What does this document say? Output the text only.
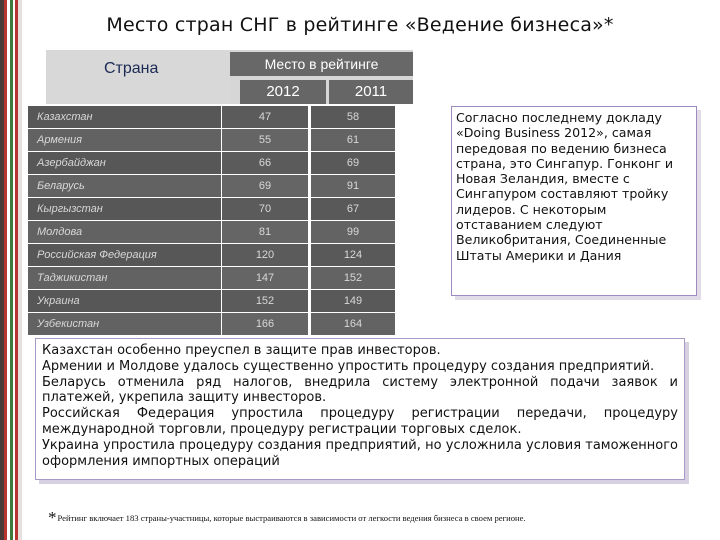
Место стран СНГ в рейтинге «Ведение бизнеса»*
Страна	Место в рейтинге
2012	2011
Казахстан	47	58
Армения	55	61
Азербайджан	66	69
Беларусь	69	91
Кыргызстан	70	67
Молдова	81	99
Российская Федерация	120	124
Таджикистан	147	152
Украина	152	149
Узбекистан	166	164
Согласно последнему докладу «Doing Business 2012», самая передовая по ведению бизнеса страна, это Сингапур. Гонконг и Новая Зеландия, вместе с Сингапуром составляют тройку лидеров. С некоторым отставанием следуют Великобритания, Соединенные Штаты Америки и Дания

Казахстан особенно преуспел в защите прав инвесторов.

Армении и Молдове удалось существенно упростить процедуру создания предприятий.

Беларусь отменила ряд налогов, внедрила систему электронной подачи заявок и платежей, укрепила защиту инвесторов.

Российская Федерация упростила процедуру регистрации передачи, процедуру международной торговли, процедуру регистрации торговых сделок.

Украина упростила процедуру создания предприятий, но усложнила условия таможенного оформления импортных операций

*Рейтинг включает 183 страны-участницы, которые выстраиваются в зависимости от легкости ведения бизнеса в своем регионе.
